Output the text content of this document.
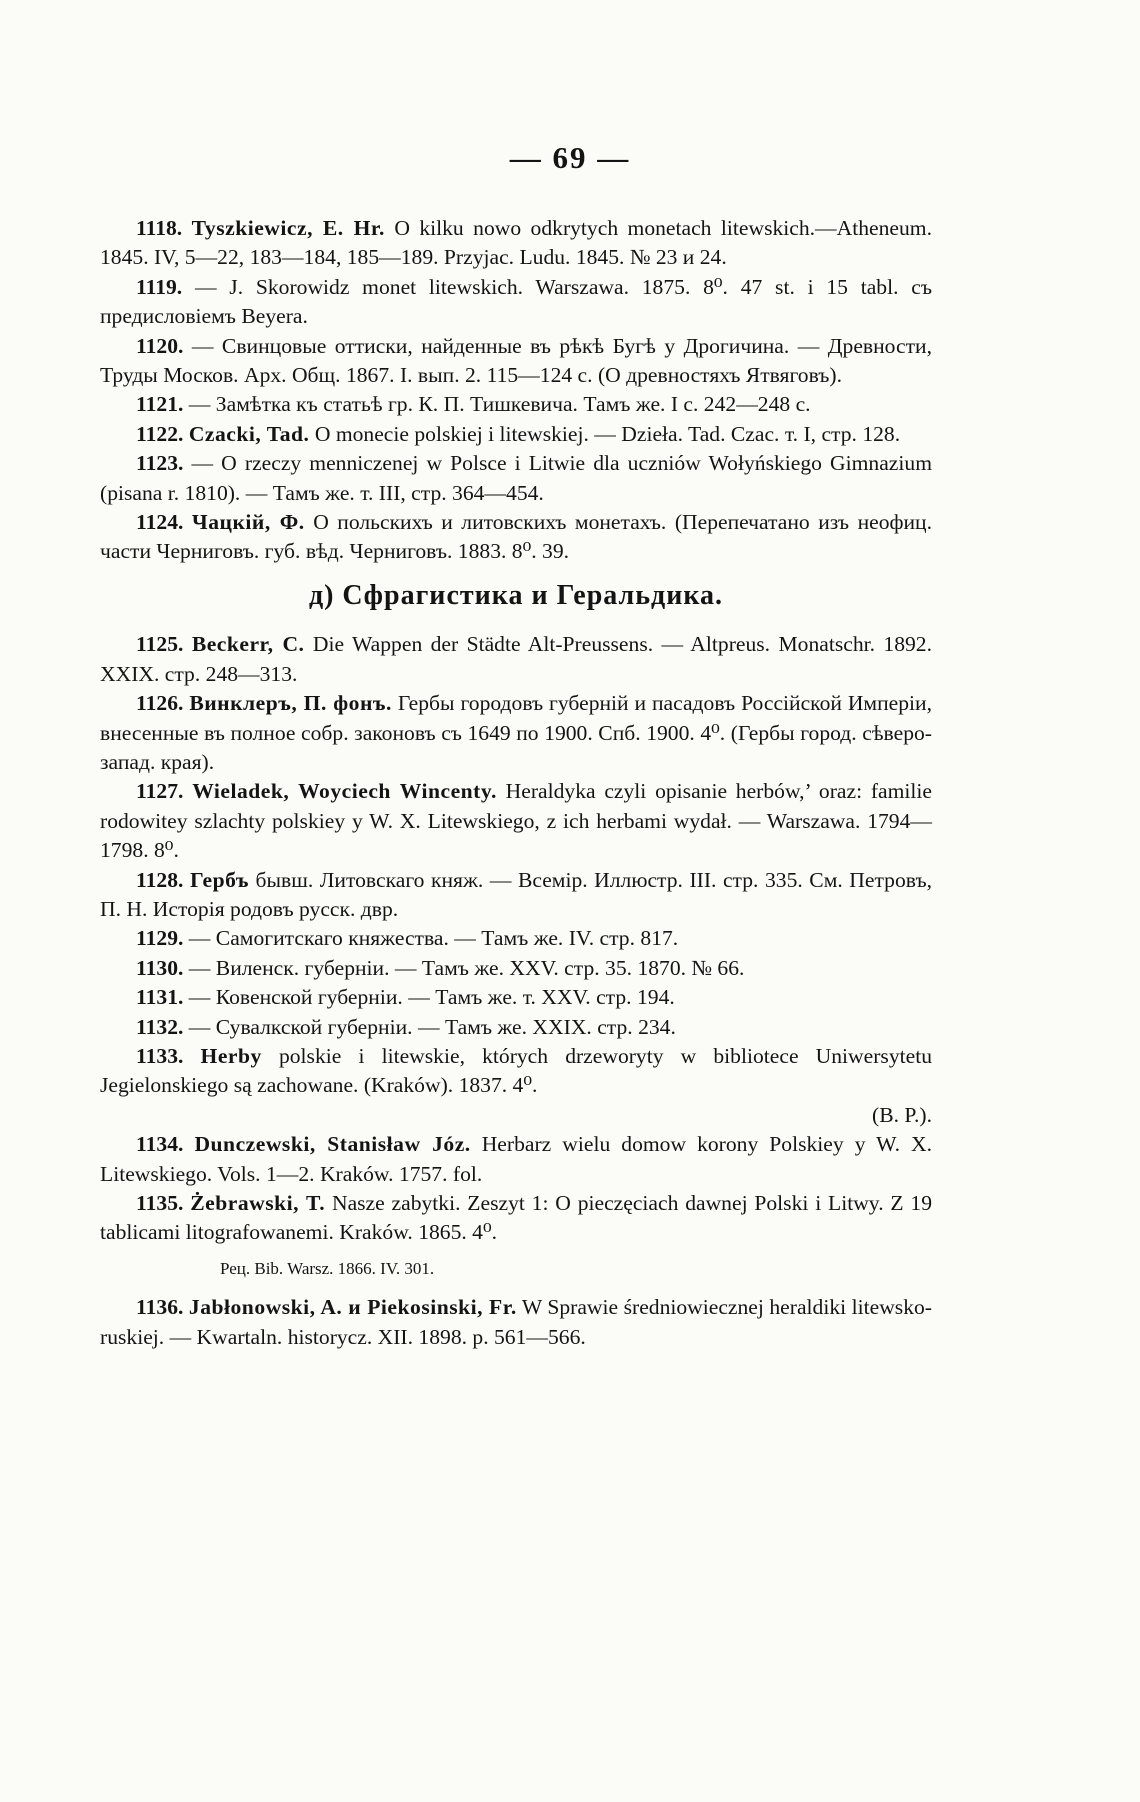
— 69 —

1118. Tyszkiewicz, E. Hr. O kilku nowo odkrytych monetach litewskich.—Atheneum. 1845. IV, 5—22, 183—184, 185—189. Przyjac. Ludu. 1845. № 23 и 24.

1119. — J. Skorowidz monet litewskich. Warszawa. 1875. 8⁰. 47 st. i 15 tabl. съ предисловіемъ Beyera.

1120. — Свинцовые оттиски, найденные въ рѣкѣ Бугѣ у Дрогичина. — Древности, Труды Москов. Арх. Общ. 1867. I. вып. 2. 115—124 с. (О древностяхъ Ятвяговъ).

1121. — Замѣтка къ статьѣ гр. К. П. Тишкевича. Тамъ же. I с. 242—248 с.

1122. Czacki, Tad. O monecie polskiej i litewskiej. — Dzieła. Tad. Czac. т. I, стр. 128.

1123. — O rzeczy menniczenej w Polsce i Litwie dla uczniów Wołyńskiego Gimnazium (pisana r. 1810). — Тамъ же. т. III, стр. 364—454.

1124. Чацкій, Ф. О польскихъ и литовскихъ монетахъ. (Перепечатано изъ неофиц. части Черниговъ. губ. вѣд. Черниговъ. 1883. 8⁰. 39.

д) Сфрагистика и Геральдика.

1125. Beckerr, C. Die Wappen der Städte Alt-Preussens. — Altpreus. Monatschr. 1892. XXIX. стр. 248—313.

1126. Винклеръ, П. фонъ. Гербы городовъ губерній и пасадовъ Россійской Имперіи, внесенные въ полное собр. законовъ съ 1649 по 1900. Спб. 1900. 4⁰. (Гербы город. сѣверо-запад. края).

1127. Wieladek, Woyciech Wincenty. Heraldyka czyli opisanie herbów,’ oraz: familie rodowitey szlachty polskiey y W. X. Litewskiego, z ich herbami wydał. — Warszawa. 1794—1798. 8⁰.

1128. Гербъ бывш. Литовскаго княж. — Всемір. Иллюстр. III. стр. 335. См. Петровъ, П. Н. Исторія родовъ русск. двр.

1129. — Самогитскаго княжества. — Тамъ же. IV. стр. 817.

1130. — Виленск. губерніи. — Тамъ же. XXV. стр. 35. 1870. № 66.

1131. — Ковенской губерніи. — Тамъ же. т. XXV. стр. 194.

1132. — Сувалкской губерніи. — Тамъ же. XXIX. стр. 234.

1133. Herby polskie i litewskie, których drzeworyty w bibliotece Uniwersytetu Jegielonskiego są zachowane. (Kraków). 1837. 4⁰.

(B. P.).

1134. Dunczewski, Stanisław Józ. Herbarz wielu domow korony Polskiey y W. X. Litewskiego. Vols. 1—2. Kraków. 1757. fol.

1135. Żebrawski, T. Nasze zabytki. Zeszyt 1: O pieczęciach dawnej Polski i Litwy. Z 19 tablicami litografowanemi. Kraków. 1865. 4⁰.

Рец. Bib. Warsz. 1866. IV. 301.

1136. Jabłonowski, A. и Piekosinski, Fr. W Sprawie średniowiecznej heraldiki litewsko-ruskiej. — Kwartaln. historycz. XII. 1898. p. 561—566.
